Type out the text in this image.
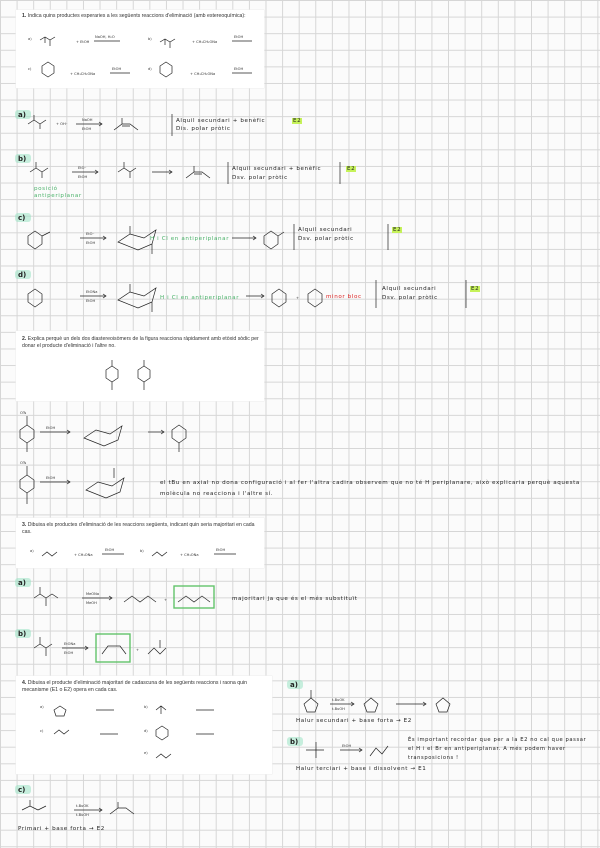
1. Indica quins productes esperaries a les següents reaccions d'eliminació (amb estereoquímica):
a)
+ EtOH
NaOH, H₂O	b)
+ CH₃CH₂ONa
EtOH
c)
+ CH₃CH₂ONa
EtOH	d)
+ CH₃CH₂ONa
EtOH
a)
+ OH⁻
NaOH
EtOH
Alquil secundari + benèfic
Dis. polar pròtic
E2
b)
EtO⁻
EtOH
posició
antiperiplanar
Alquil secundari + benèfic
Dsv. polar pròtic
E2
c)
EtO⁻
EtOH
H i Cl en antiperiplanar
Alquil secundari
Dsv. polar pròtic
E2
d)
EtONa
EtOH
+
H i Cl en antiperiplanar	minor bloc
Alquil secundari
Dsv. polar pròtic
E2
2. Explica perquè un dels dos diastereoisòmers de la figura reacciona ràpidament amb etòxid sòdic per donar el producte d'eliminació i l'altre no.
OTs
EtOH
OTs
EtOH
el tBu en axial no dona configuració i al fer l'altra cadira observem que no té H periplanare, això explicaria perquè aquesta molècula no reacciona i l'altre sí.
3. Dibuixa els productes d'eliminació de les reaccions següents, indicant quin seria majoritari en cada cas.
a)
+ CH₃ONa
EtOH	b)
+ CH₃ONa
EtOH
a)
MeONa
MeOH
+	majoritari ja que és el més substituït
b)
EtONa
EtOH
+
4. Dibuixa el producte d'eliminació majoritari de cadascuna de les següents reaccions i raona quin mecanisme (E1 o E2) opera en cada cas.
a)	b)
c)	d)
e)
a)
t-BuOK
t-BuOH
Halur secundari + base forta → E2
b)	EtOH
És important recordar que per a la E2 no cal que passar el H i el Br en antiperiplanar. A més podem haver transposicions !
Halur terciari + base i dissolvent → E1
c)
t-BuOK
t-BuOH
Primari + base forta → E2
